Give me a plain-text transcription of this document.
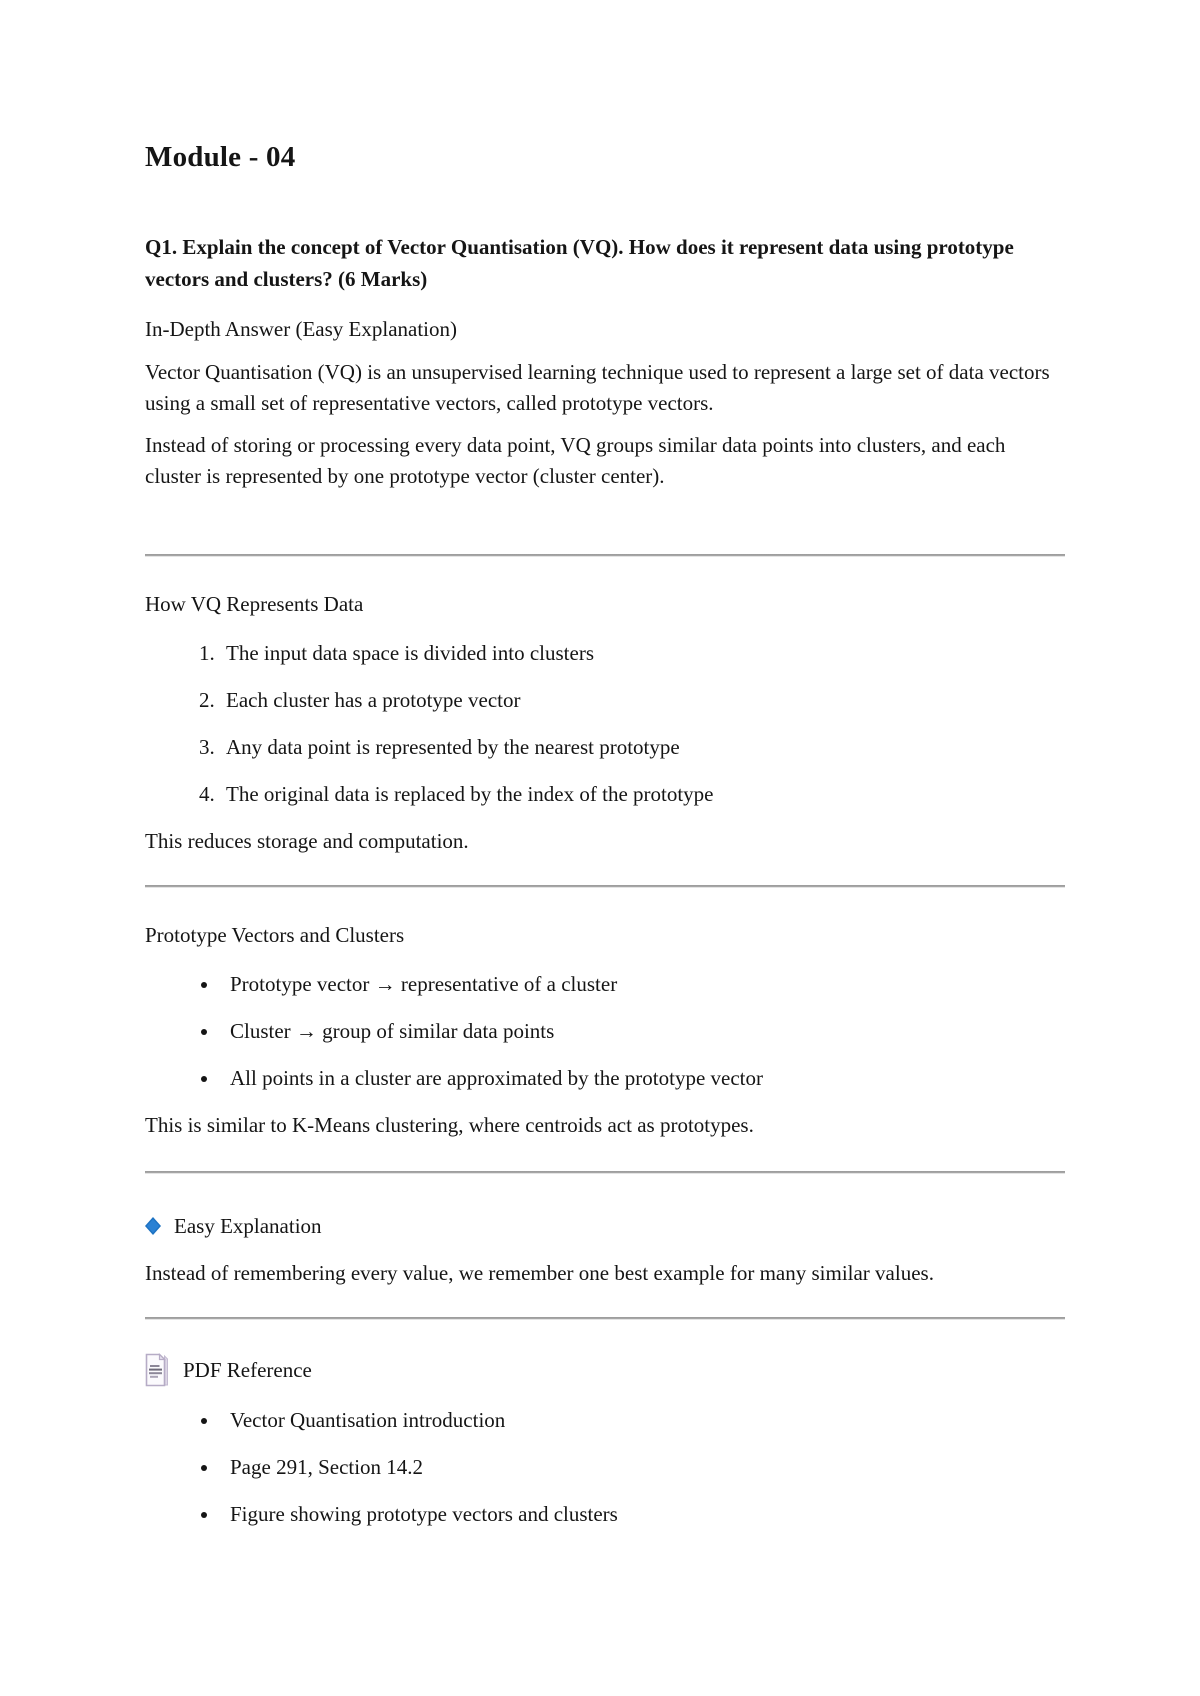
Module - 04
Q1. Explain the concept of Vector Quantisation (VQ). How does it represent data using prototype vectors and clusters? (6 Marks)
In-Depth Answer (Easy Explanation)

Vector Quantisation (VQ) is an unsupervised learning technique used to represent a large set of data vectors using a small set of representative vectors, called prototype vectors.

Instead of storing or processing every data point, VQ groups similar data points into clusters, and each cluster is represented by one prototype vector (cluster center).

How VQ Represents Data
1. The input data space is divided into clusters
2. Each cluster has a prototype vector
3. Any data point is represented by the nearest prototype
4. The original data is replaced by the index of the prototype
This reduces storage and computation.
Prototype Vectors and Clusters
• Prototype vector → representative of a cluster
• Cluster → group of similar data points
• All points in a cluster are approximated by the prototype vector
This is similar to K-Means clustering, where centroids act as prototypes.
Easy Explanation

Instead of remembering every value, we remember one best example for many similar values.

PDF Reference
• Vector Quantisation introduction
• Page 291, Section 14.2
• Figure showing prototype vectors and clusters
